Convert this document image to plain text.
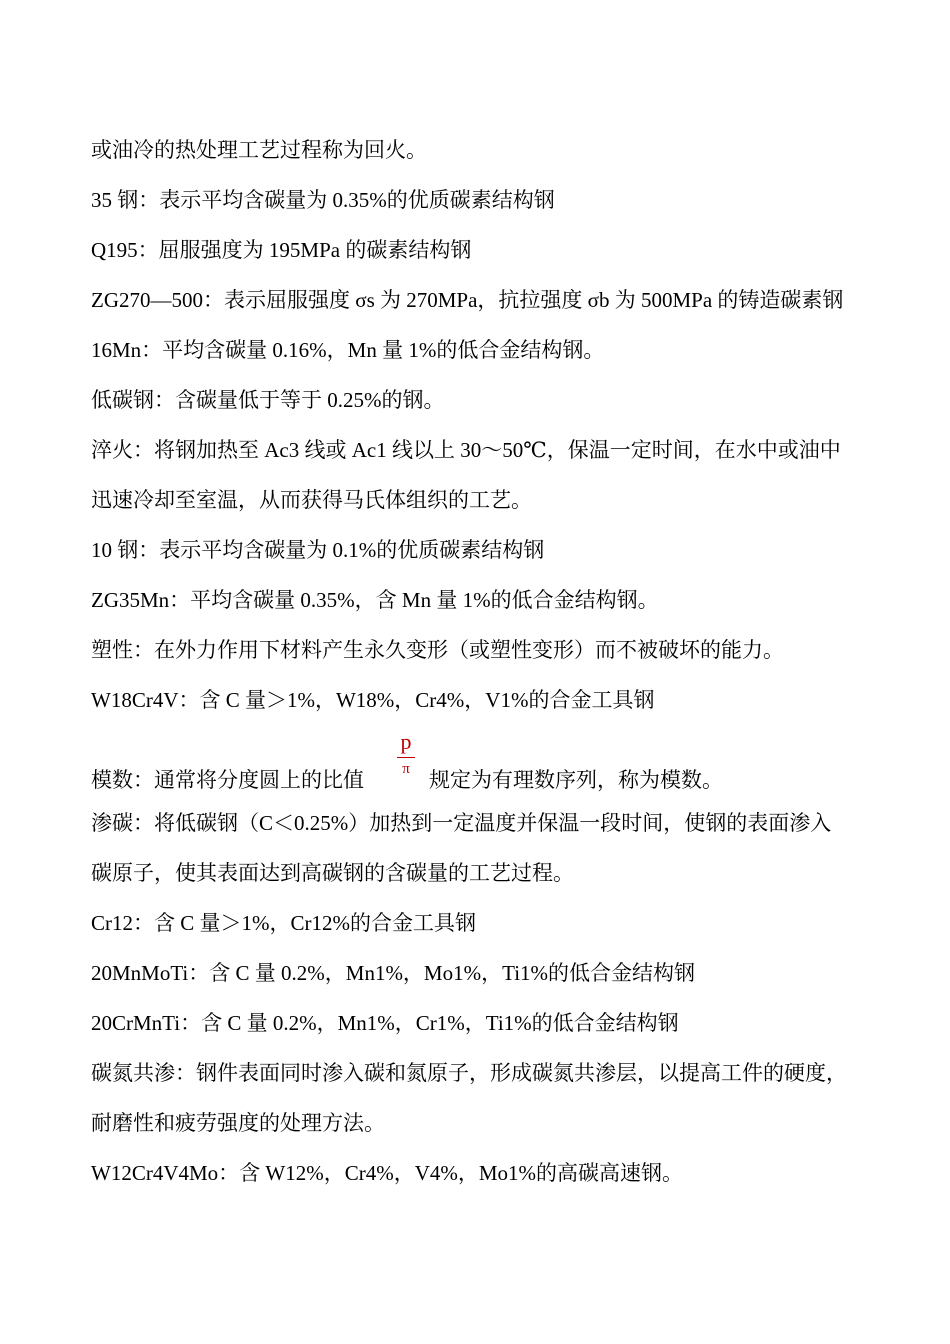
或油冷的热处理工艺过程称为回火。
35 钢：表示平均含碳量为 0.35%的优质碳素结构钢
Q195：屈服强度为 195MPa 的碳素结构钢
ZG270—500：表示屈服强度 σs 为 270MPa，抗拉强度 σb 为 500MPa 的铸造碳素钢
16Mn：平均含碳量 0.16%，Mn 量 1%的低合金结构钢。
低碳钢：含碳量低于等于 0.25%的钢。
淬火：将钢加热至 Ac3 线或 Ac1 线以上 30～50℃，保温一定时间，在水中或油中
迅速冷却至室温，从而获得马氏体组织的工艺。
10 钢：表示平均含碳量为 0.1%的优质碳素结构钢
ZG35Mn：平均含碳量 0.35%，含 Mn 量 1%的低合金结构钢。
塑性：在外力作用下材料产生永久变形（或塑性变形）而不被破坏的能力。
W18Cr4V：含 C 量＞1%，W18%，Cr4%，V1%的合金工具钢
模数：通常将分度圆上的比值
p
π 规定为有理数序列，称为模数。
渗碳：将低碳钢（C＜0.25%）加热到一定温度并保温一段时间，使钢的表面渗入
碳原子，使其表面达到高碳钢的含碳量的工艺过程。
Cr12：含 C 量＞1%，Cr12%的合金工具钢
20MnMoTi：含 C 量 0.2%，Mn1%，Mo1%，Ti1%的低合金结构钢
20CrMnTi：含 C 量 0.2%，Mn1%，Cr1%，Ti1%的低合金结构钢
碳氮共渗：钢件表面同时渗入碳和氮原子，形成碳氮共渗层，以提高工件的硬度，
耐磨性和疲劳强度的处理方法。
W12Cr4V4Mo：含 W12%，Cr4%，V4%，Mo1%的高碳高速钢。
